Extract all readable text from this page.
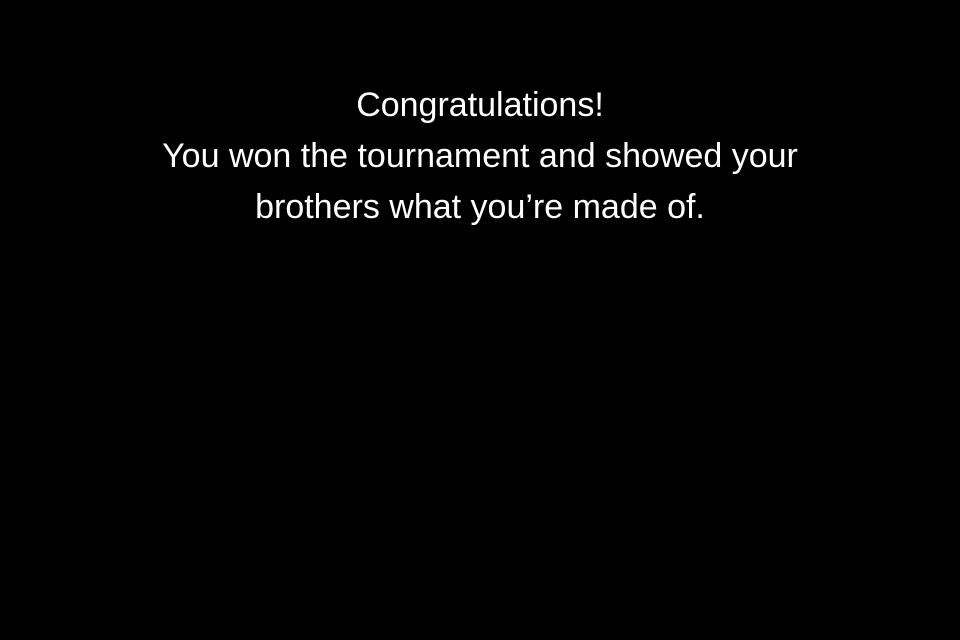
Congratulations!
You won the tournament and showed your
brothers what you’re made of.
